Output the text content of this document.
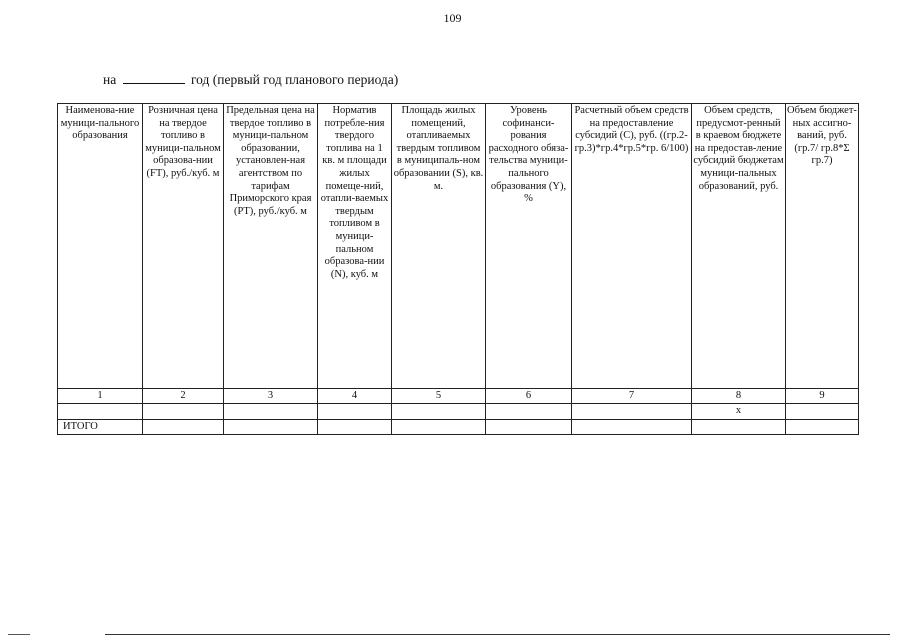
109
на	год (первый год планового периода)
Наименова-ние муници-пального образования	Розничная цена на твердое топливо в муници-пальном образова-нии (FT), руб./куб. м	Предельная цена на твердое топливо в муници-пальном образовании, установлен-ная агентством по тарифам Приморского края (PT), руб./куб. м	Норматив потребле-ния твердого топлива на 1 кв. м площади жилых помеще-ний, отапли-ваемых твердым топливом в муници-пальном образова-нии (N), куб. м	Площадь жилых помещений, отапливаемых твердым топливом в муниципаль-ном образовании (S), кв. м.	Уровень софинанси-рования расходного обяза-тельства муници-пального образования (Y), %	Расчетный объем средств на предоставление субсидий (C), руб. ((гр.2-гр.3)*гр.4*гр.5*гр. 6/100)	Объем средств, предусмот-ренный в краевом бюджете на предостав-ление субсидий бюджетам муници-пальных образований, руб.	Объем бюджет-ных ассигно-ваний, руб. (гр.7/ гр.8*Σ гр.7)
1	2	3	4	5	6	7	8	9
							x	
ИТОГО								
